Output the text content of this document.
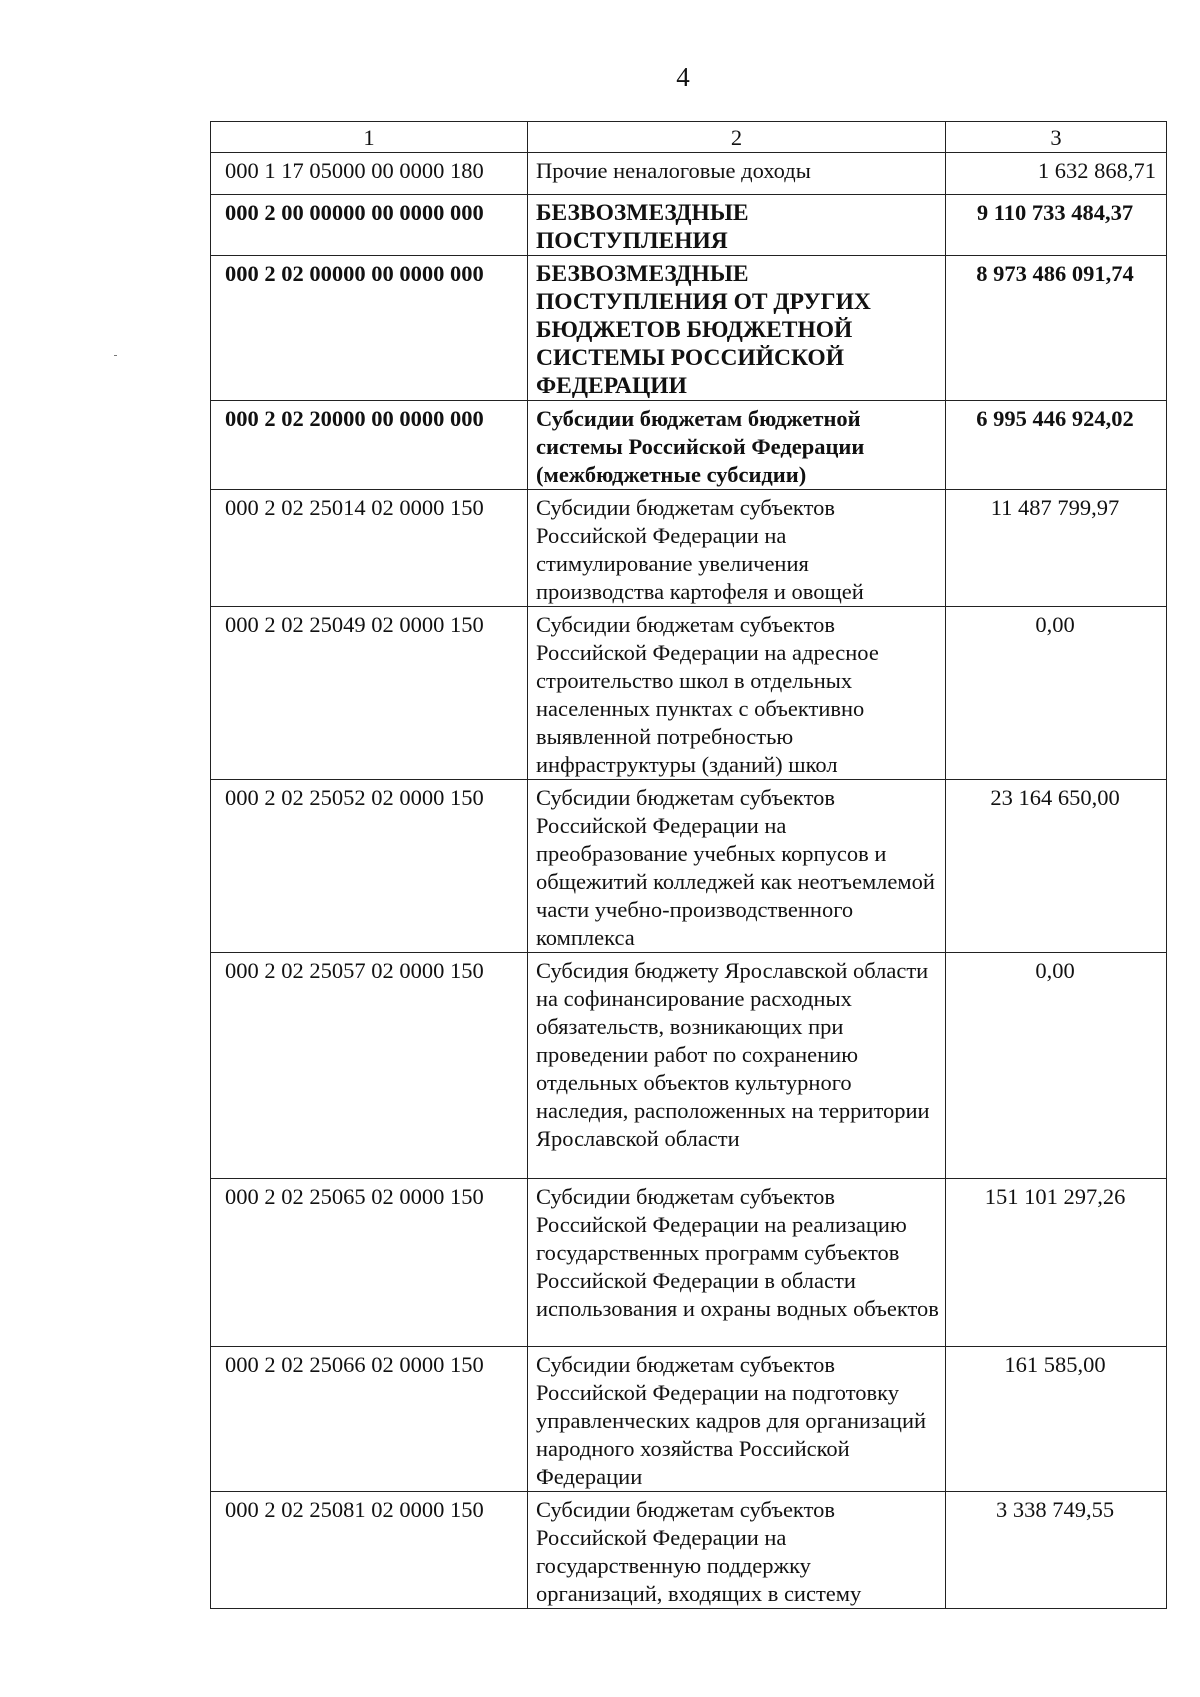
4
1	2	3
000 1 17 05000 00 0000 180	Прочие неналоговые доходы	1 632 868,71
000 2 00 00000 00 0000 000	БЕЗВОЗМЕЗДНЫЕ ПОСТУПЛЕНИЯ	9 110 733 484,37
000 2 02 00000 00 0000 000	БЕЗВОЗМЕЗДНЫЕ ПОСТУПЛЕНИЯ ОТ ДРУГИХ БЮДЖЕТОВ БЮДЖЕТНОЙ СИСТЕМЫ РОССИЙСКОЙ ФЕДЕРАЦИИ	8 973 486 091,74
000 2 02 20000 00 0000 000	Субсидии бюджетам бюджетной системы Российской Федерации (межбюджетные субсидии)	6 995 446 924,02
000 2 02 25014 02 0000 150	Субсидии бюджетам субъектов Российской Федерации на стимулирование увеличения производства картофеля и овощей	11 487 799,97
000 2 02 25049 02 0000 150	Субсидии бюджетам субъектов Российской Федерации на адресное строительство школ в отдельных населенных пунктах с объективно выявленной потребностью инфраструктуры (зданий) школ	0,00
000 2 02 25052 02 0000 150	Субсидии бюджетам субъектов Российской Федерации на преобразование учебных корпусов и общежитий колледжей как неотъемлемой части учебно-производственного комплекса	23 164 650,00
000 2 02 25057 02 0000 150	Субсидия бюджету Ярославской области на софинансирование расходных обязательств, возникающих при проведении работ по сохранению отдельных объектов культурного наследия, расположенных на территории Ярославской области	0,00
000 2 02 25065 02 0000 150	Субсидии бюджетам субъектов Российской Федерации на реализацию государственных программ субъектов Российской Федерации в области использования и охраны водных объектов	151 101 297,26
000 2 02 25066 02 0000 150	Субсидии бюджетам субъектов Российской Федерации на подготовку управленческих кадров для организаций народного хозяйства Российской Федерации	161 585,00
000 2 02 25081 02 0000 150	Субсидии бюджетам субъектов Российской Федерации на государственную поддержку организаций, входящих в систему	3 338 749,55
